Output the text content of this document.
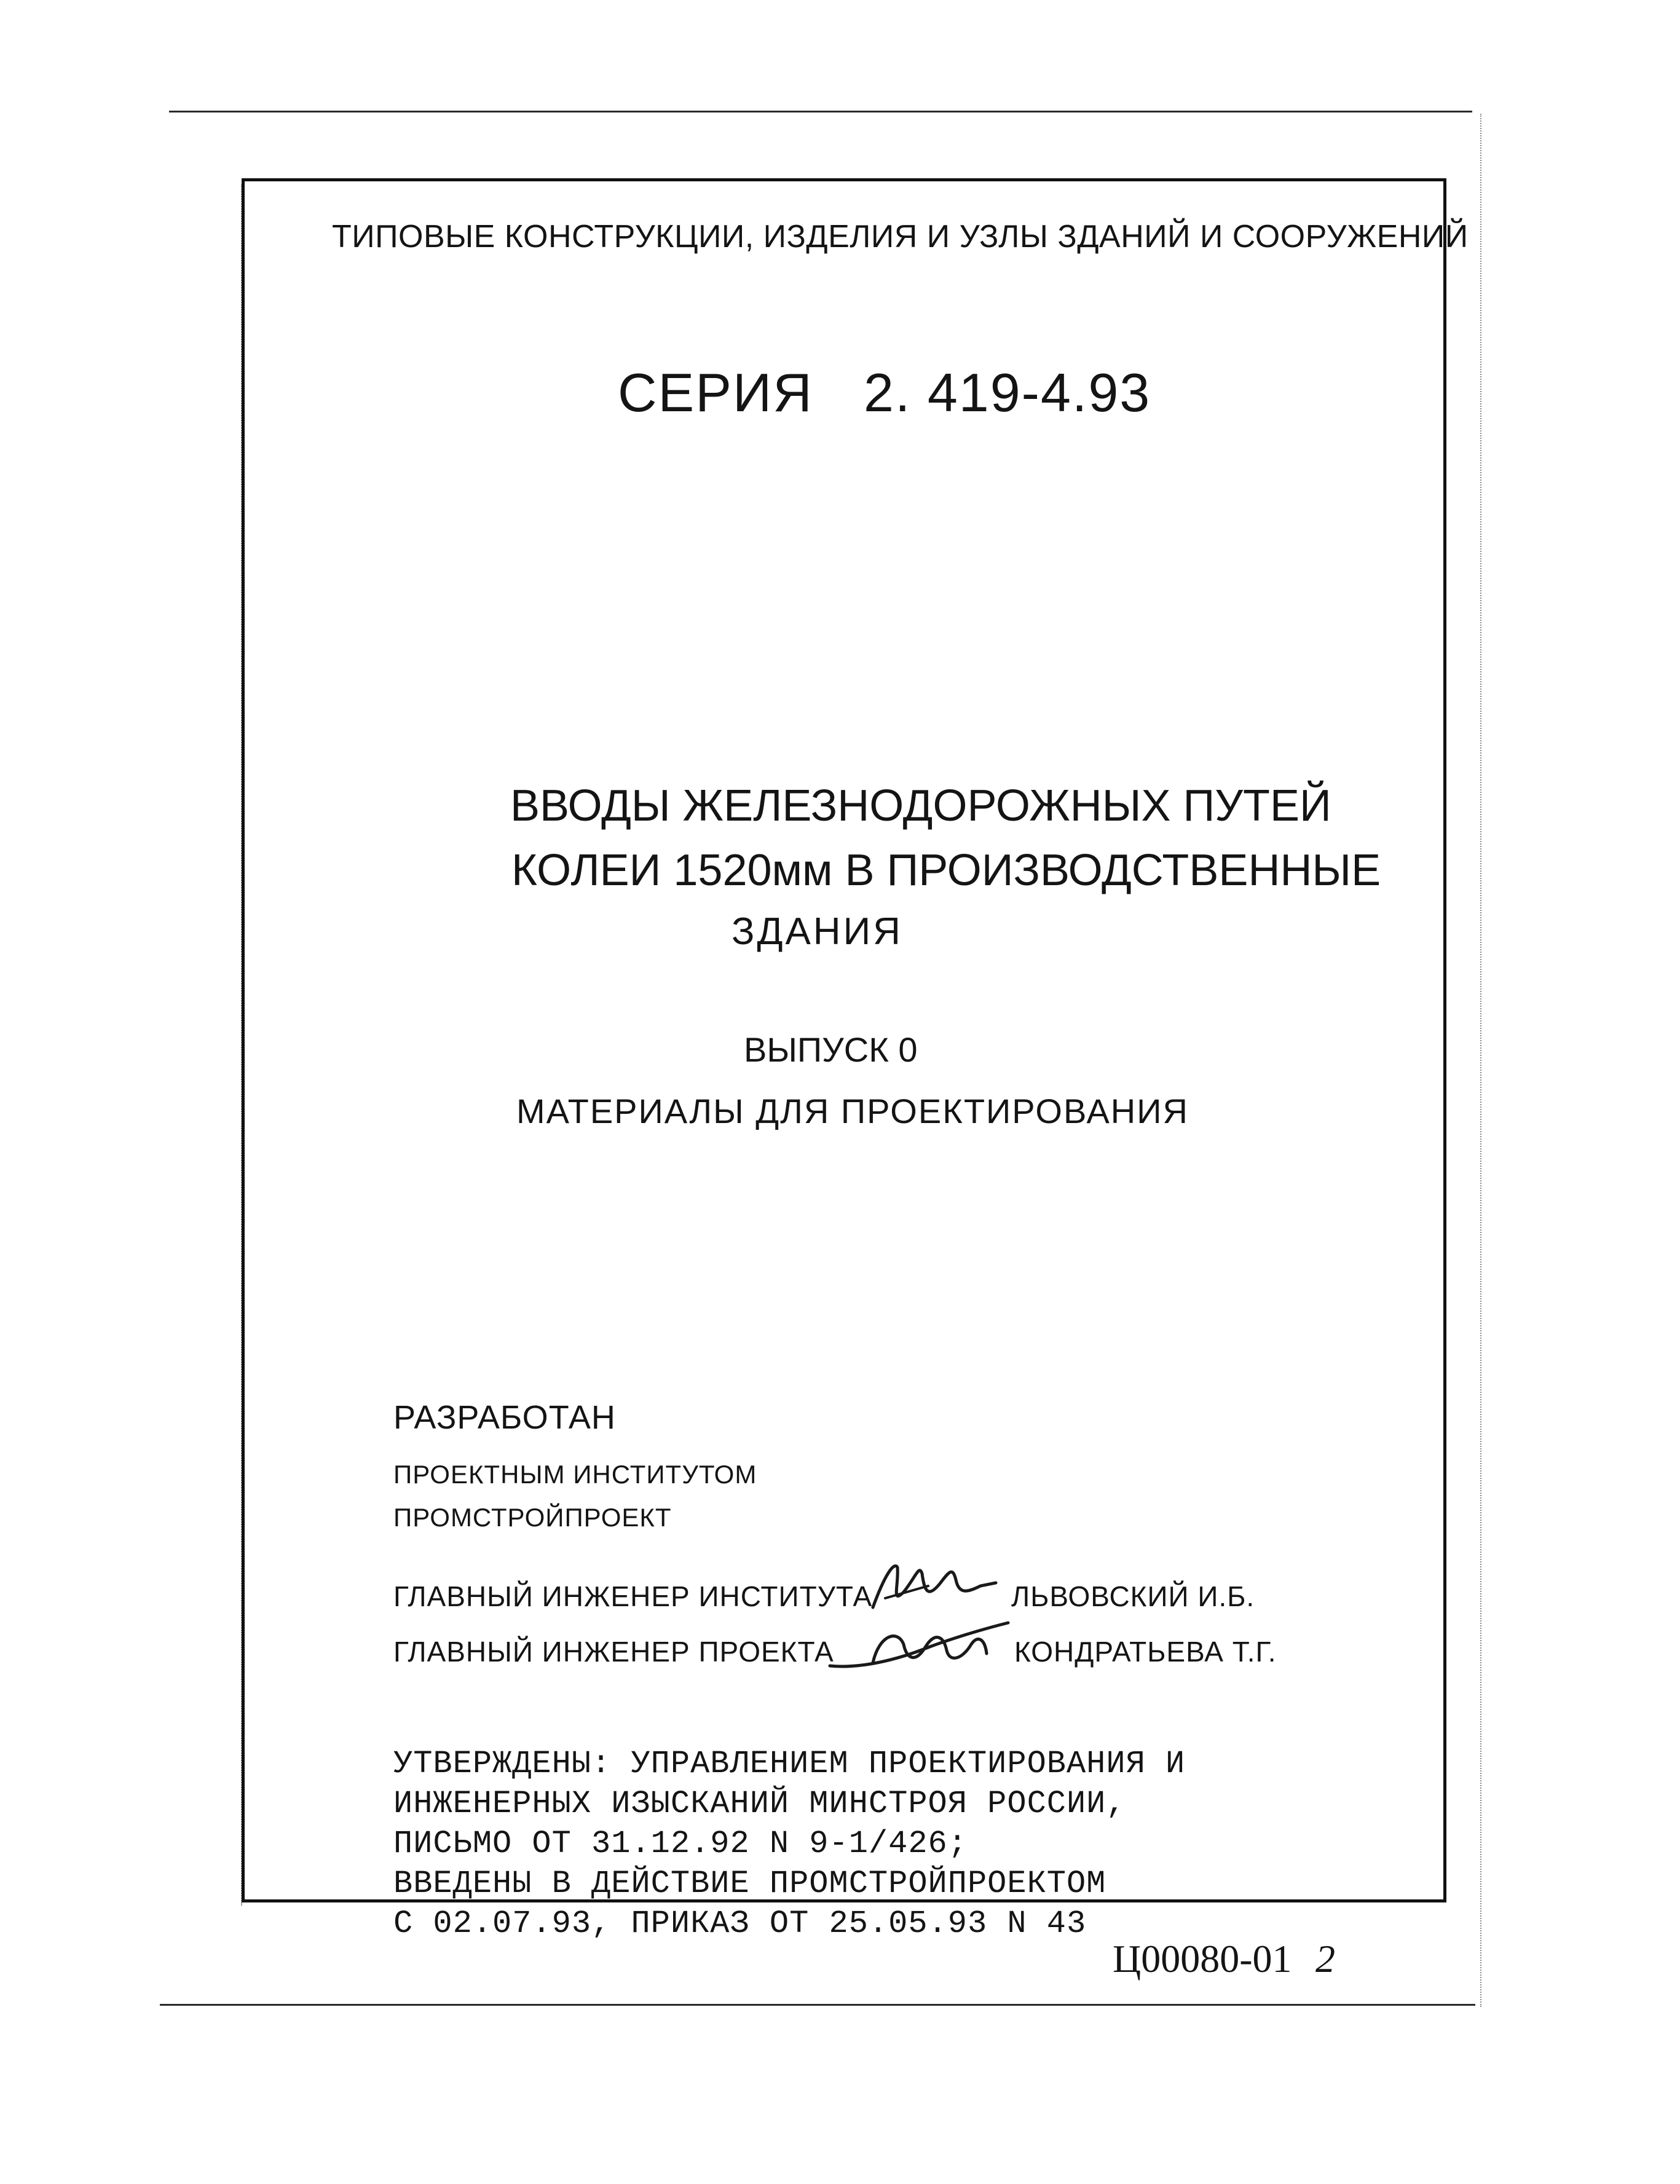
ТИПОВЫЕ КОНСТРУКЦИИ, ИЗДЕЛИЯ И УЗЛЫ ЗДАНИЙ И СООРУЖЕНИЙ
СЕРИЯ 2. 419-4.93
ВВОДЫ ЖЕЛЕЗНОДОРОЖНЫХ ПУТЕЙ
КОЛЕИ 1520мм В ПРОИЗВОДСТВЕННЫЕ
ЗДАНИЯ
ВЫПУСК 0
МАТЕРИАЛЫ ДЛЯ ПРОЕКТИРОВАНИЯ
РАЗРАБОТАН
ПРОЕКТНЫМ ИНСТИТУТОМ
ПРОМСТРОЙПРОЕКТ
ГЛАВНЫЙ ИНЖЕНЕР ИНСТИТУТА	ЛЬВОВСКИЙ И.Б.
ГЛАВНЫЙ ИНЖЕНЕР ПРОЕКТА	КОНДРАТЬЕВА Т.Г.
УТВЕРЖДЕНЫ: УПРАВЛЕНИЕМ ПРОЕКТИРОВАНИЯ И
ИНЖЕНЕРНЫХ ИЗЫСКАНИЙ МИНСТРОЯ РОССИИ,
ПИСЬМО ОТ 31.12.92 N 9-1/426;
ВВЕДЕНЫ В ДЕЙСТВИЕ ПРОМСТРОЙПРОЕКТОМ
С 02.07.93, ПРИКАЗ ОТ 25.05.93 N 43
Ц00080-01 2
